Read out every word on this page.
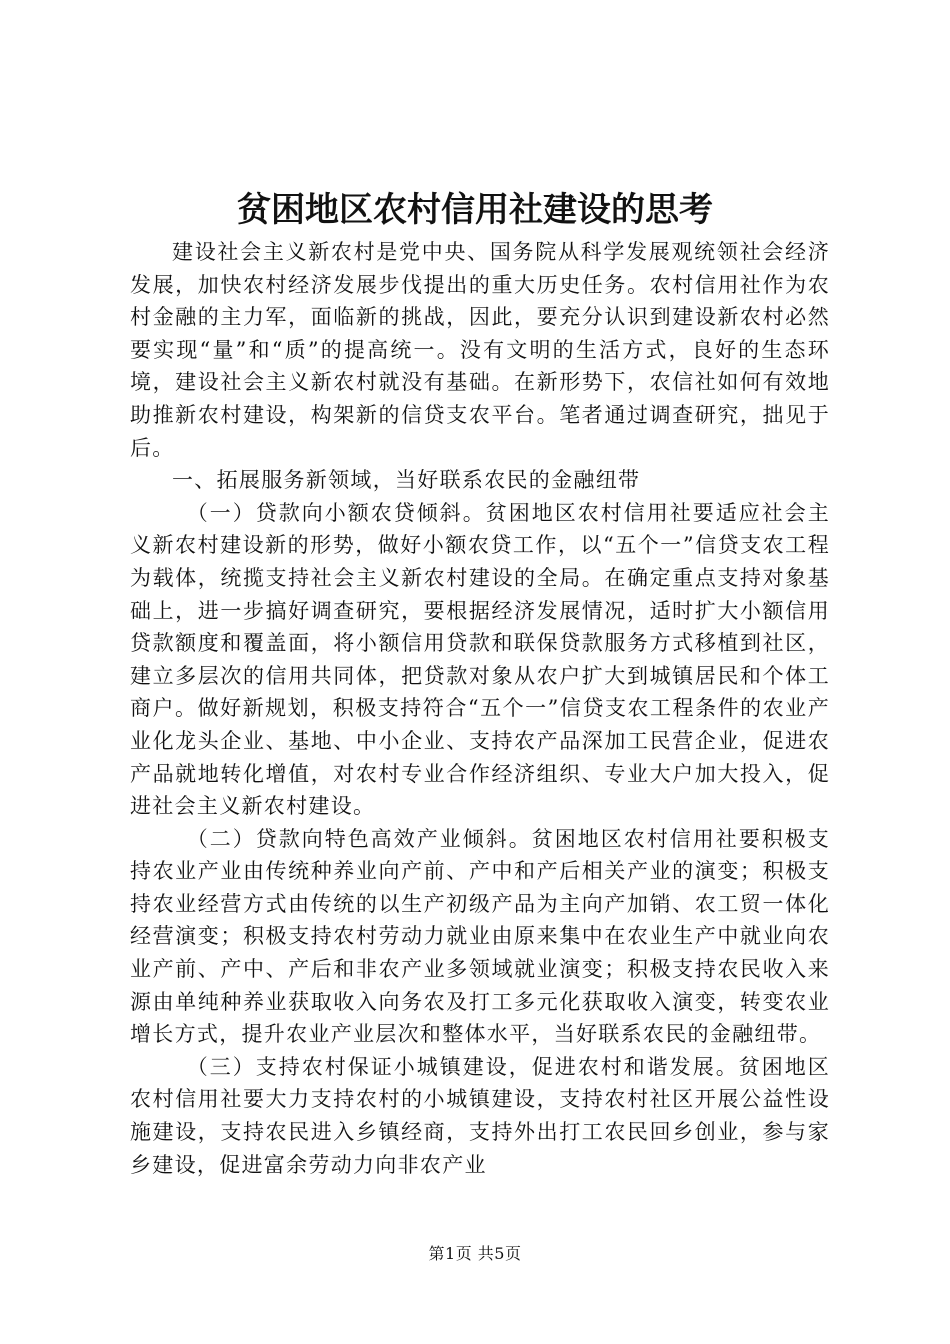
贫困地区农村信用社建设的思考

建设社会主义新农村是党中央、国务院从科学发展观统领社会经济发展，加快农村经济发展步伐提出的重大历史任务。农村信用社作为农村金融的主力军，面临新的挑战，因此，要充分认识到建设新农村必然要实现“量”和“质”的提高统一。没有文明的生活方式，良好的生态环境，建设社会主义新农村就没有基础。在新形势下，农信社如何有效地助推新农村建设，构架新的信贷支农平台。笔者通过调查研究，拙见于后。

一、拓展服务新领域，当好联系农民的金融纽带

（一）贷款向小额农贷倾斜。贫困地区农村信用社要适应社会主义新农村建设新的形势，做好小额农贷工作，以“五个一”信贷支农工程为载体，统揽支持社会主义新农村建设的全局。在确定重点支持对象基础上，进一步搞好调查研究，要根据经济发展情况，适时扩大小额信用贷款额度和覆盖面，将小额信用贷款和联保贷款服务方式移植到社区，建立多层次的信用共同体，把贷款对象从农户扩大到城镇居民和个体工商户。做好新规划，积极支持符合“五个一”信贷支农工程条件的农业产业化龙头企业、基地、中小企业、支持农产品深加工民营企业，促进农产品就地转化增值，对农村专业合作经济组织、专业大户加大投入，促进社会主义新农村建设。

（二）贷款向特色高效产业倾斜。贫困地区农村信用社要积极支持农业产业由传统种养业向产前、产中和产后相关产业的演变；积极支持农业经营方式由传统的以生产初级产品为主向产加销、农工贸一体化经营演变；积极支持农村劳动力就业由原来集中在农业生产中就业向农业产前、产中、产后和非农产业多领域就业演变；积极支持农民收入来源由单纯种养业获取收入向务农及打工多元化获取收入演变，转变农业增长方式，提升农业产业层次和整体水平，当好联系农民的金融纽带。

（三）支持农村保证小城镇建设，促进农村和谐发展。贫困地区农村信用社要大力支持农村的小城镇建设，支持农村社区开展公益性设施建设，支持农民进入乡镇经商，支持外出打工农民回乡创业，参与家乡建设，促进富余劳动力向非农产业

第1页 共5页
